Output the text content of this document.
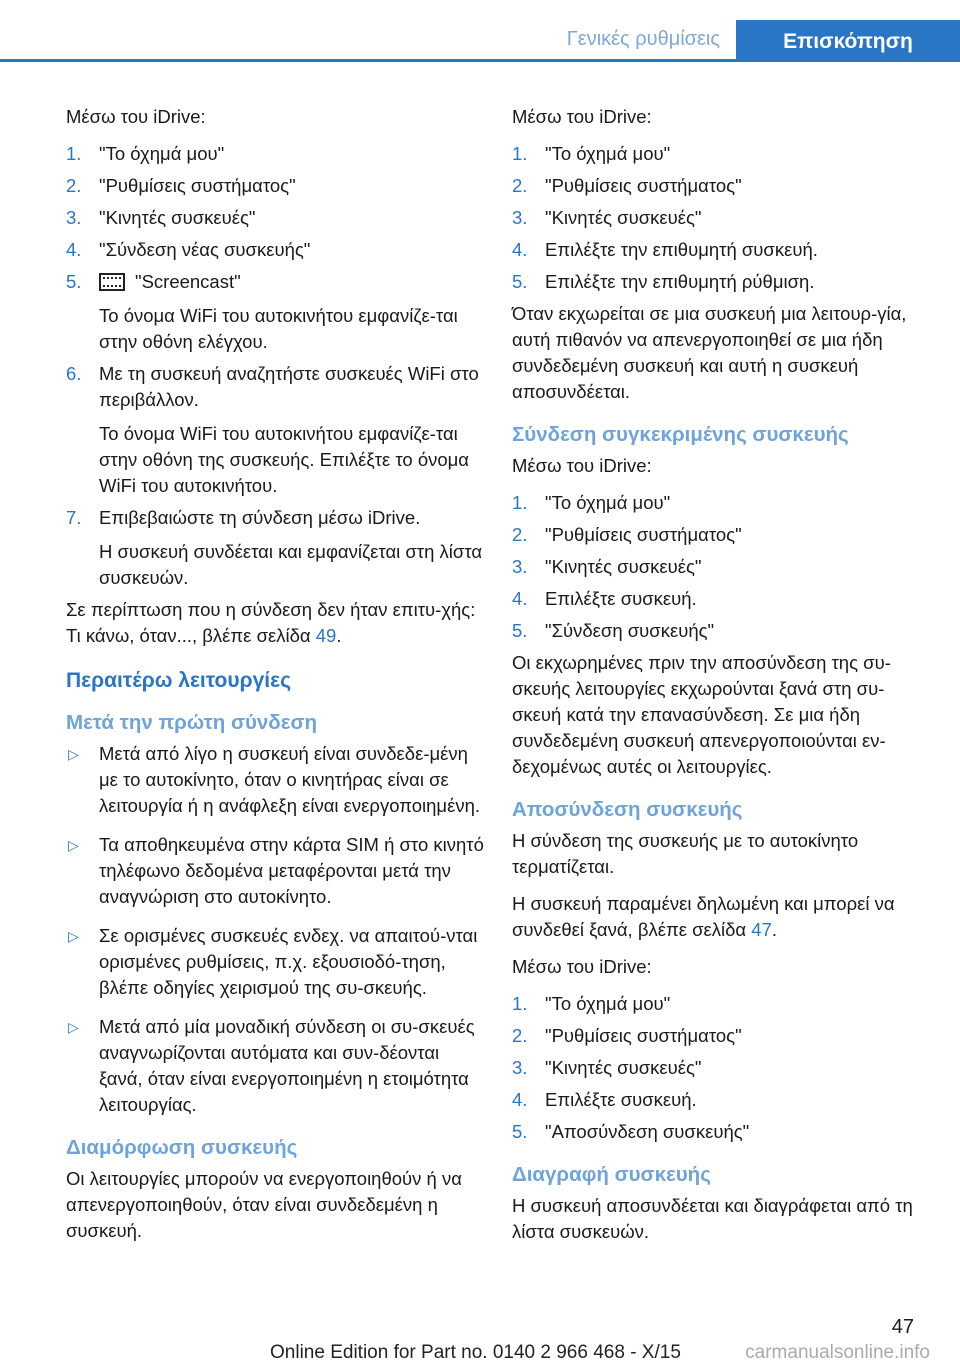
Γενικές ρυθμίσεις	Επισκόπηση

Μέσω του iDrive:

1. "Το όχημά μου"
2. "Ρυθμίσεις συστήματος"
3. "Κινητές συσκευές"
4. "Σύνδεση νέας συσκευής"
5.	"Screencast"
Το όνομα WiFi του αυτοκινήτου εμφανίζε-ται στην οθόνη ελέγχου.
6. Με τη συσκευή αναζητήστε συσκευές WiFi στο περιβάλλον.
Το όνομα WiFi του αυτοκινήτου εμφανίζε-ται στην οθόνη της συσκευής. Επιλέξτε το όνομα WiFi του αυτοκινήτου.
7. Επιβεβαιώστε τη σύνδεση μέσω iDrive.
Η συσκευή συνδέεται και εμφανίζεται στη λίστα συσκευών.

Σε περίπτωση που η σύνδεση δεν ήταν επιτυ-χής: Τι κάνω, όταν..., βλέπε σελίδα 49.

Περαιτέρω λειτουργίες
Μετά την πρώτη σύνδεση
▷ Μετά από λίγο η συσκευή είναι συνδεδε-μένη με το αυτοκίνητο, όταν ο κινητήρας είναι σε λειτουργία ή η ανάφλεξη είναι ενεργοποιημένη.
▷ Τα αποθηκευμένα στην κάρτα SIM ή στο κινητό τηλέφωνο δεδομένα μεταφέρονται μετά την αναγνώριση στο αυτοκίνητο.
▷ Σε ορισμένες συσκευές ενδεχ. να απαιτού-νται ορισμένες ρυθμίσεις, π.χ. εξουσιοδό-τηση, βλέπε οδηγίες χειρισμού της συ-σκευής.
▷ Μετά από μία μοναδική σύνδεση οι συ-σκευές αναγνωρίζονται αυτόματα και συν-δέονται ξανά, όταν είναι ενεργοποιημένη η ετοιμότητα λειτουργίας.
Διαμόρφωση συσκευής

Οι λειτουργίες μπορούν να ενεργοποιηθούν ή να απενεργοποιηθούν, όταν είναι συνδεδεμένη η συσκευή.

Μέσω του iDrive:

1. "Το όχημά μου"
2. "Ρυθμίσεις συστήματος"
3. "Κινητές συσκευές"
4. Επιλέξτε την επιθυμητή συσκευή.
5. Επιλέξτε την επιθυμητή ρύθμιση.

Όταν εκχωρείται σε μια συσκευή μια λειτουρ-γία, αυτή πιθανόν να απενεργοποιηθεί σε μια ήδη συνδεδεμένη συσκευή και αυτή η συσκευή αποσυνδέεται.

Σύνδεση συγκεκριμένης συσκευής

Μέσω του iDrive:

1. "Το όχημά μου"
2. "Ρυθμίσεις συστήματος"
3. "Κινητές συσκευές"
4. Επιλέξτε συσκευή.
5. "Σύνδεση συσκευής"

Οι εκχωρημένες πριν την αποσύνδεση της συ-σκευής λειτουργίες εκχωρούνται ξανά στη συ-σκευή κατά την επανασύνδεση. Σε μια ήδη συνδεδεμένη συσκευή απενεργοποιούνται εν-δεχομένως αυτές οι λειτουργίες.

Αποσύνδεση συσκευής

Η σύνδεση της συσκευής με το αυτοκίνητο τερματίζεται.

Η συσκευή παραμένει δηλωμένη και μπορεί να συνδεθεί ξανά, βλέπε σελίδα 47.

Μέσω του iDrive:

1. "Το όχημά μου"
2. "Ρυθμίσεις συστήματος"
3. "Κινητές συσκευές"
4. Επιλέξτε συσκευή.
5. "Αποσύνδεση συσκευής"
Διαγραφή συσκευής

Η συσκευή αποσυνδέεται και διαγράφεται από τη λίστα συσκευών.

47
Online Edition for Part no. 0140 2 966 468 - X/15	carmanualsonline.info
